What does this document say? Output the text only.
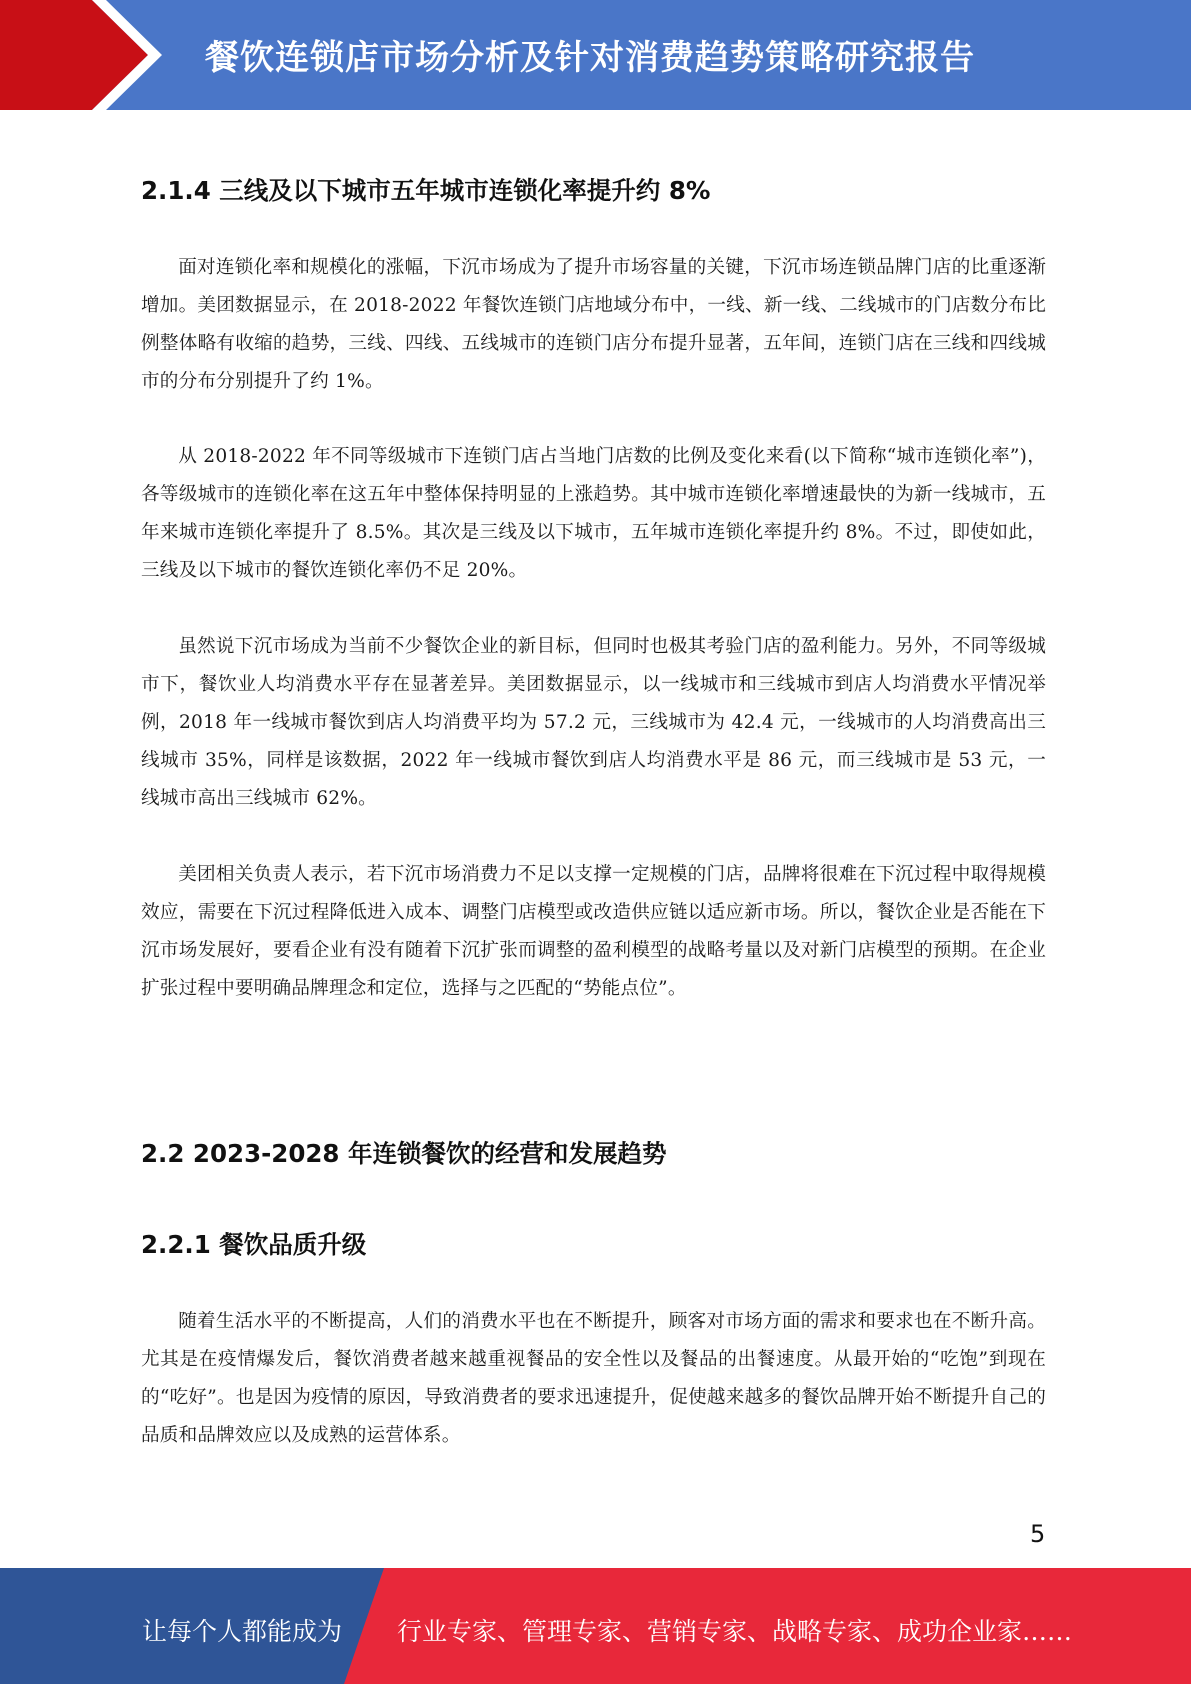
餐饮连锁店市场分析及针对消费趋势策略研究报告
2.1.4 三线及以下城市五年城市连锁化率提升约 8%

面对连锁化率和规模化的涨幅，下沉市场成为了提升市场容量的关键，下沉市场连锁品牌门店的比重逐渐增加。美团数据显示，在 2018-2022 年餐饮连锁门店地域分布中，一线、新一线、二线城市的门店数分布比例整体略有收缩的趋势，三线、四线、五线城市的连锁门店分布提升显著，五年间，连锁门店在三线和四线城市的分布分别提升了约 1%。

从 2018-2022 年不同等级城市下连锁门店占当地门店数的比例及变化来看(以下简称“城市连锁化率”)，各等级城市的连锁化率在这五年中整体保持明显的上涨趋势。其中城市连锁化率增速最快的为新一线城市，五年来城市连锁化率提升了 8.5%。其次是三线及以下城市，五年城市连锁化率提升约 8%。不过，即使如此，三线及以下城市的餐饮连锁化率仍不足 20%。

虽然说下沉市场成为当前不少餐饮企业的新目标，但同时也极其考验门店的盈利能力。另外，不同等级城市下，餐饮业人均消费水平存在显著差异。美团数据显示，以一线城市和三线城市到店人均消费水平情况举例，2018 年一线城市餐饮到店人均消费平均为 57.2 元，三线城市为 42.4 元，一线城市的人均消费高出三线城市 35%，同样是该数据，2022 年一线城市餐饮到店人均消费水平是 86 元，而三线城市是 53 元，一线城市高出三线城市 62%。

美团相关负责人表示，若下沉市场消费力不足以支撑一定规模的门店，品牌将很难在下沉过程中取得规模效应，需要在下沉过程降低进入成本、调整门店模型或改造供应链以适应新市场。所以，餐饮企业是否能在下沉市场发展好，要看企业有没有随着下沉扩张而调整的盈利模型的战略考量以及对新门店模型的预期。在企业扩张过程中要明确品牌理念和定位，选择与之匹配的“势能点位”。

2.2 2023-2028 年连锁餐饮的经营和发展趋势
2.2.1 餐饮品质升级

随着生活水平的不断提高，人们的消费水平也在不断提升，顾客对市场方面的需求和要求也在不断升高。尤其是在疫情爆发后，餐饮消费者越来越重视餐品的安全性以及餐品的出餐速度。从最开始的“吃饱”到现在的“吃好”。也是因为疫情的原因，导致消费者的要求迅速提升，促使越来越多的餐饮品牌开始不断提升自己的品质和品牌效应以及成熟的运营体系。

5
让每个人都能成为 行业专家、管理专家、营销专家、战略专家、成功企业家……
